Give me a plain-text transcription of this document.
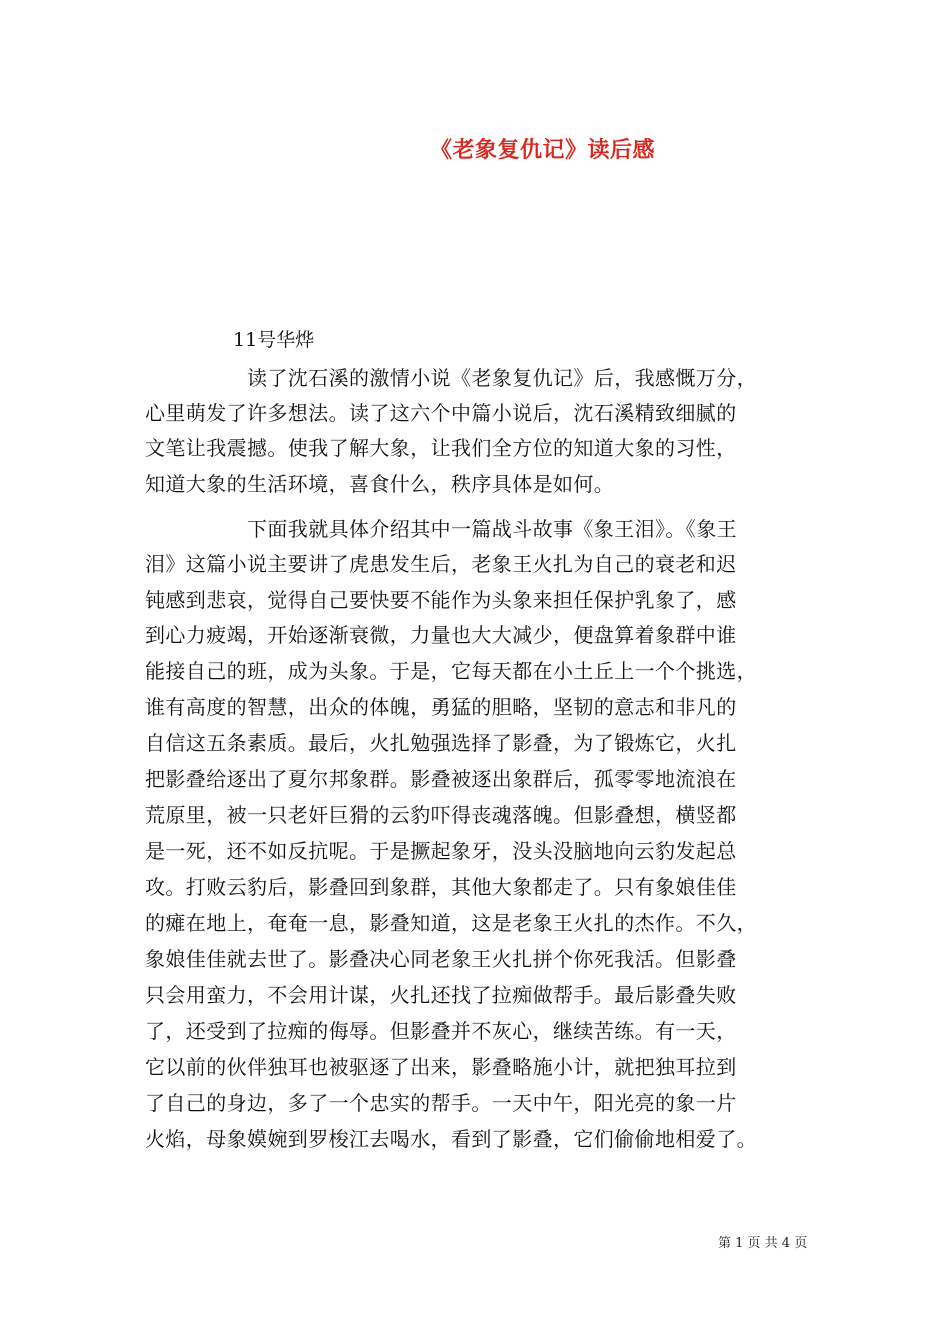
《老象复仇记》读后感
11号华烨
读了沈石溪的激情小说《老象复仇记》后，我感慨万分，
心里萌发了许多想法。读了这六个中篇小说后，沈石溪精致细腻的
文笔让我震撼。使我了解大象，让我们全方位的知道大象的习性，
知道大象的生活环境，喜食什么，秩序具体是如何。
下面我就具体介绍其中一篇战斗故事《象王泪》。《象王
泪》这篇小说主要讲了虎患发生后，老象王火扎为自己的衰老和迟
钝感到悲哀，觉得自己要快要不能作为头象来担任保护乳象了，感
到心力疲竭，开始逐渐衰微，力量也大大减少，便盘算着象群中谁
能接自己的班，成为头象。于是，它每天都在小土丘上一个个挑选，
谁有高度的智慧，出众的体魄，勇猛的胆略，坚韧的意志和非凡的
自信这五条素质。最后，火扎勉强选择了影叠，为了锻炼它，火扎
把影叠给逐出了夏尔邦象群。影叠被逐出象群后，孤零零地流浪在
荒原里，被一只老奸巨猾的云豹吓得丧魂落魄。但影叠想，横竖都
是一死，还不如反抗呢。于是撅起象牙，没头没脑地向云豹发起总
攻。打败云豹后，影叠回到象群，其他大象都走了。只有象娘佳佳
的瘫在地上，奄奄一息，影叠知道，这是老象王火扎的杰作。不久，
象娘佳佳就去世了。影叠决心同老象王火扎拼个你死我活。但影叠
只会用蛮力，不会用计谋，火扎还找了拉痴做帮手。最后影叠失败
了，还受到了拉痴的侮辱。但影叠并不灰心，继续苦练。有一天，
它以前的伙伴独耳也被驱逐了出来，影叠略施小计，就把独耳拉到
了自己的身边，多了一个忠实的帮手。一天中午，阳光亮的象一片
火焰，母象嫫婉到罗梭江去喝水，看到了影叠，它们偷偷地相爱了。
第 1 页 共 4 页
